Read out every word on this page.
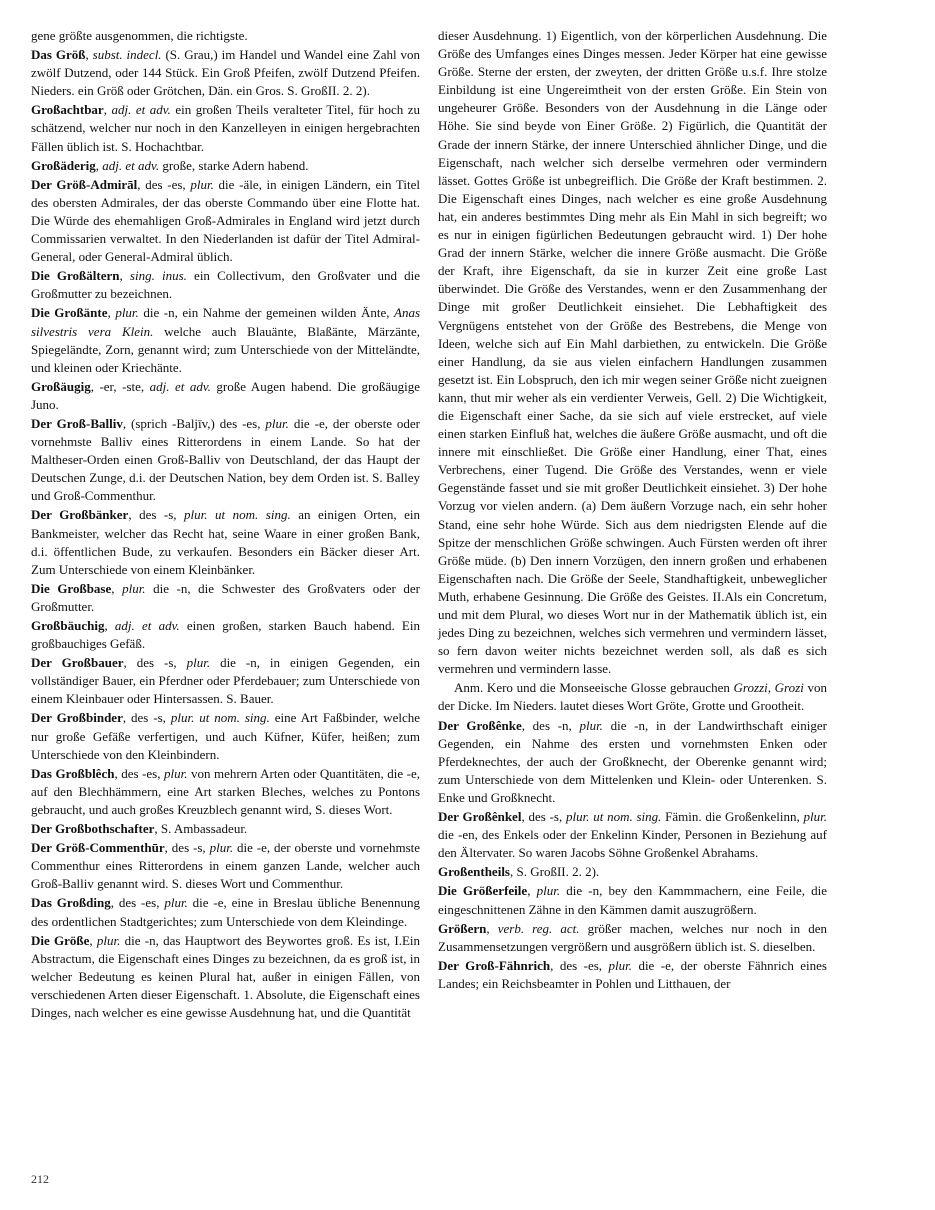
gene größte ausgenommen, die richtigste.

Das Größ, subst. indecl. (S. Grau,) im Handel und Wandel eine Zahl von zwölf Dutzend, oder 144 Stück. Ein Groß Pfeifen, zwölf Dutzend Pfeifen. Nieders. ein Größ oder Grötchen, Dän. ein Gros. S. GroßII. 2. 2).

Großachtbar, adj. et adv. ein großen Theils veralteter Titel, für hoch zu schätzend, welcher nur noch in den Kanzelleyen in einigen hergebrachten Fällen üblich ist. S. Hochachtbar.

Großäderig, adj. et adv. große, starke Adern habend.

Der Größ-Admirāl, des -es, plur. die -äle, in einigen Ländern, ein Titel des obersten Admirales, der das oberste Commando über eine Flotte hat. Die Würde des ehemahligen Groß-Admirales in England wird jetzt durch Commissarien verwaltet. In den Niederlanden ist dafür der Titel Admiral-General, oder General-Admiral üblich.

Die Großältern, sing. inus. ein Collectivum, den Großvater und die Großmutter zu bezeichnen.

Die Großänte, plur. die -n, ein Nahme der gemeinen wilden Änte, Anas silvestris vera Klein. welche auch Blauänte, Blaßänte, Märzänte, Spiegeländte, Zorn, genannt wird; zum Unterschiede von der Mitteländte, und kleinen oder Kriechänte.

Großäugig, -er, -ste, adj. et adv. große Augen habend. Die großäugige Juno.

Der Groß-Balliv, (sprich -Baljīv,) des -es, plur. die -e, der oberste oder vornehmste Balliv eines Ritterordens in einem Lande. So hat der Maltheser-Orden einen Groß-Balliv von Deutschland, der das Haupt der Deutschen Zunge, d.i. der Deutschen Nation, bey dem Orden ist. S. Balley und Groß-Commenthur.

Der Großbänker, des -s, plur. ut nom. sing. an einigen Orten, ein Bankmeister, welcher das Recht hat, seine Waare in einer großen Bank, d.i. öffentlichen Bude, zu verkaufen. Besonders ein Bäcker dieser Art. Zum Unterschiede von einem Kleinbänker.

Die Großbase, plur. die -n, die Schwester des Großvaters oder der Großmutter.

Großbäuchig, adj. et adv. einen großen, starken Bauch habend. Ein großbauchiges Gefäß.

Der Großbauer, des -s, plur. die -n, in einigen Gegenden, ein vollständiger Bauer, ein Pferdner oder Pferdebauer; zum Unterschiede von einem Kleinbauer oder Hintersassen. S. Bauer.

Der Großbinder, des -s, plur. ut nom. sing. eine Art Faßbinder, welche nur große Gefäße verfertigen, und auch Küfner, Küfer, heißen; zum Unterschiede von den Kleinbindern.

Das Großblêch, des -es, plur. von mehrern Arten oder Quantitäten, die -e, auf den Blechhämmern, eine Art starken Bleches, welches zu Pontons gebraucht, und auch großes Kreuzblech genannt wird, S. dieses Wort.

Der Großbothschafter, S. Ambassadeur.

Der Größ-Commenthūr, des -s, plur. die -e, der oberste und vornehmste Commenthur eines Ritterordens in einem ganzen Lande, welcher auch Groß-Balliv genannt wird. S. dieses Wort und Commenthur.

Das Großding, des -es, plur. die -e, eine in Breslau übliche Benennung des ordentlichen Stadtgerichtes; zum Unterschiede von dem Kleindinge.

Die Größe, plur. die -n, das Hauptwort des Beywortes groß. Es ist, I.Ein Abstractum, die Eigenschaft eines Dinges zu bezeichnen, da es groß ist, in welcher Bedeutung es keinen Plural hat, außer in einigen Fällen, von verschiedenen Arten dieser Eigenschaft. 1. Absolute, die Eigenschaft eines Dinges, nach welcher es eine gewisse Ausdehnung hat, und die Quantität

dieser Ausdehnung. 1) Eigentlich, von der körperlichen Ausdehnung. Die Größe des Umfanges eines Dinges messen. Jeder Körper hat eine gewisse Größe. Sterne der ersten, der zweyten, der dritten Größe u.s.f. Ihre stolze Einbildung ist eine Ungereimtheit von der ersten Größe. Ein Stein von ungeheurer Größe. Besonders von der Ausdehnung in die Länge oder Höhe. Sie sind beyde von Einer Größe. 2) Figürlich, die Quantität der Grade der innern Stärke, der innere Unterschied ähnlicher Dinge, und die Eigenschaft, nach welcher sich derselbe vermehren oder vermindern lässet. Gottes Größe ist unbegreiflich. Die Größe der Kraft bestimmen. 2. Die Eigenschaft eines Dinges, nach welcher es eine große Ausdehnung hat, ein anderes bestimmtes Ding mehr als Ein Mahl in sich begreift; wo es nur in einigen figürlichen Bedeutungen gebraucht wird. 1) Der hohe Grad der innern Stärke, welcher die innere Größe ausmacht. Die Größe der Kraft, ihre Eigenschaft, da sie in kurzer Zeit eine große Last überwindet. Die Größe des Verstandes, wenn er den Zusammenhang der Dinge mit großer Deutlichkeit einsiehet. Die Lebhaftigkeit des Vergnügens entstehet von der Größe des Bestrebens, die Menge von Ideen, welche sich auf Ein Mahl darbiethen, zu entwickeln. Die Größe einer Handlung, da sie aus vielen einfachern Handlungen zusammen gesetzt ist. Ein Lobspruch, den ich mir wegen seiner Größe nicht zueignen kann, thut mir weher als ein verdienter Verweis, Gell. 2) Die Wichtigkeit, die Eigenschaft einer Sache, da sie sich auf viele erstrecket, auf viele einen starken Einfluß hat, welches die äußere Größe ausmacht, und oft die innere mit einschließet. Die Größe einer Handlung, einer That, eines Verbrechens, einer Tugend. Die Größe des Verstandes, wenn er viele Gegenstände fasset und sie mit großer Deutlichkeit einsiehet. 3) Der hohe Vorzug vor vielen andern. (a) Dem äußern Vorzuge nach, ein sehr hoher Stand, eine sehr hohe Würde. Sich aus dem niedrigsten Elende auf die Spitze der menschlichen Größe schwingen. Auch Fürsten werden oft ihrer Größe müde. (b) Den innern Vorzügen, den innern großen und erhabenen Eigenschaften nach. Die Größe der Seele, Standhaftigkeit, unbeweglicher Muth, erhabene Gesinnung. Die Größe des Geistes. II.Als ein Concretum, und mit dem Plural, wo dieses Wort nur in der Mathematik üblich ist, ein jedes Ding zu bezeichnen, welches sich vermehren und vermindern lässet, so fern davon weiter nichts bezeichnet werden soll, als daß es sich vermehren und vermindern lasse.

Anm. Kero und die Monseeische Glosse gebrauchen Grozzi, Grozi von der Dicke. Im Nieders. lautet dieses Wort Gröte, Grotte und Grootheit.

Der Großênke, des -n, plur. die -n, in der Landwirthschaft einiger Gegenden, ein Nahme des ersten und vornehmsten Enken oder Pferdeknechtes, der auch der Großknecht, der Oberenke genannt wird; zum Unterschiede von dem Mittelenken und Klein- oder Unterenken. S. Enke und Großknecht.

Der Großênkel, des -s, plur. ut nom. sing. Fämin. die Großenkelinn, plur. die -en, des Enkels oder der Enkelinn Kinder, Personen in Beziehung auf den Ältervater. So waren Jacobs Söhne Großenkel Abrahams.

Großentheils, S. GroßII. 2. 2).

Die Größerfeile, plur. die -n, bey den Kammmachern, eine Feile, die eingeschnittenen Zähne in den Kämmen damit auszugrößern.

Größern, verb. reg. act. größer machen, welches nur noch in den Zusammensetzungen vergrößern und ausgrößern üblich ist. S. dieselben.

Der Groß-Fähnrich, des -es, plur. die -e, der oberste Fähnrich eines Landes; ein Reichsbeamter in Pohlen und Litthauen, der

212
